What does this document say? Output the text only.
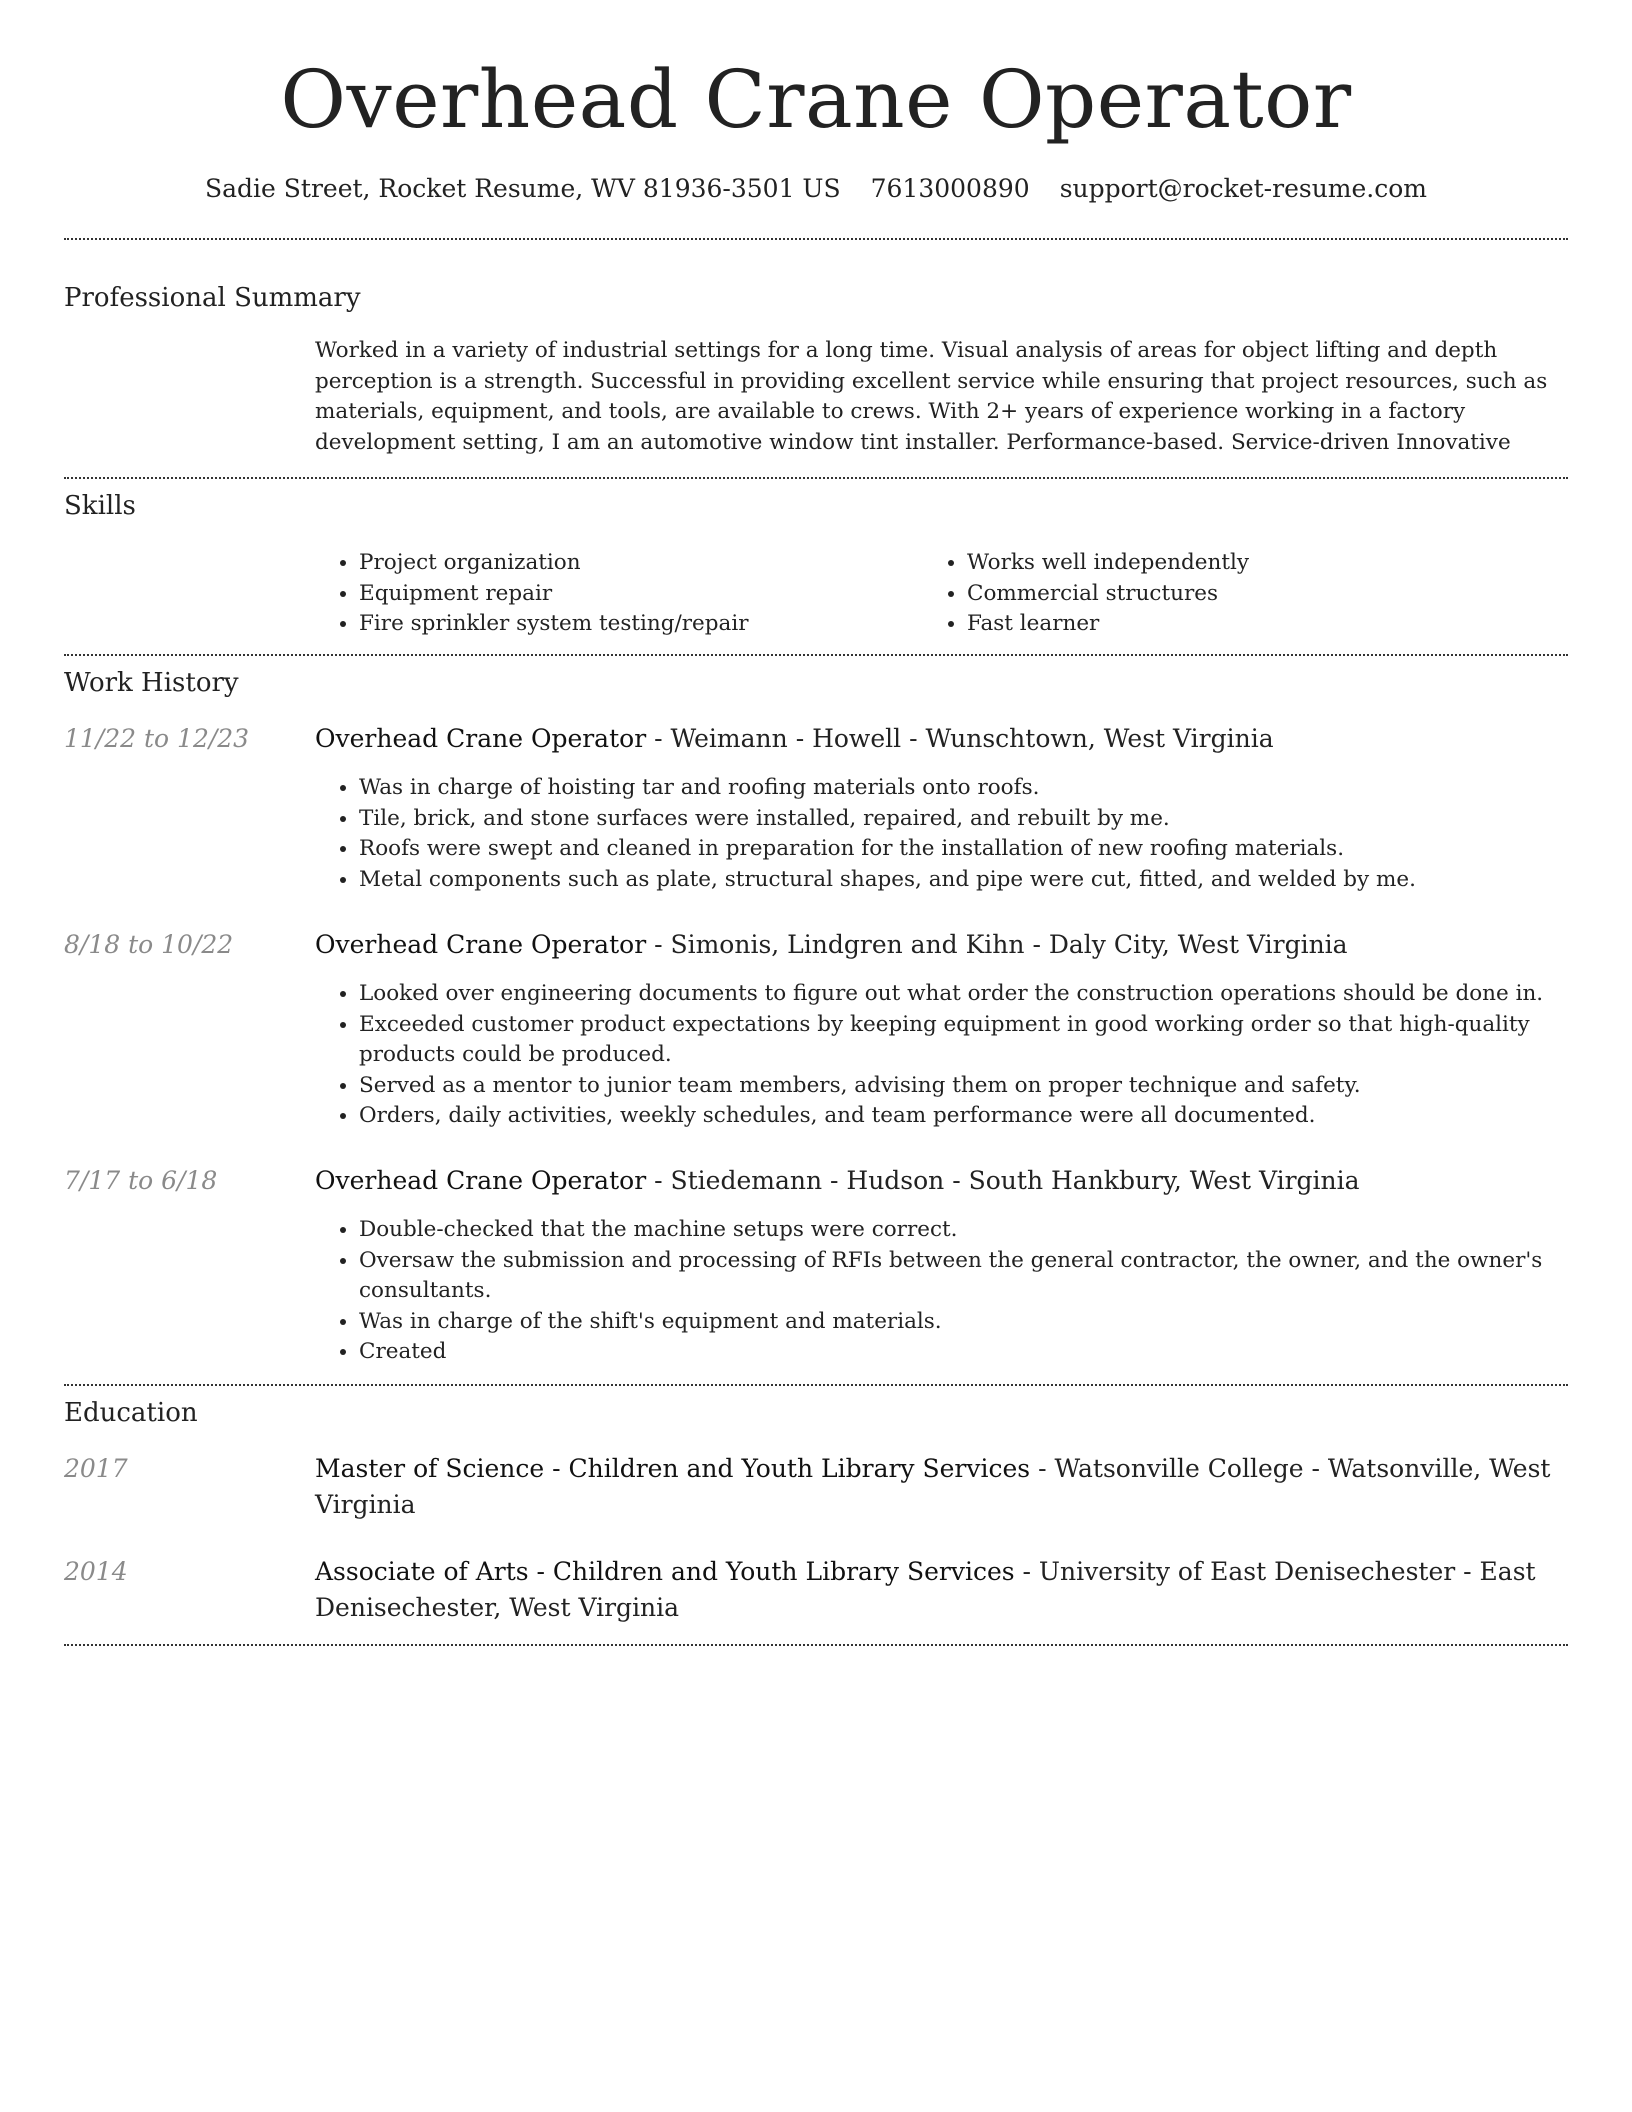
Overhead Crane Operator
Sadie Street, Rocket Resume, WV 81936-3501 US 7613000890 support@rocket-resume.com
Professional Summary
Worked in a variety of industrial settings for a long time. Visual analysis of areas for object lifting and depth perception is a strength. Successful in providing excellent service while ensuring that project resources, such as materials, equipment, and tools, are available to crews. With 2+ years of experience working in a factory development setting, I am an automotive window tint installer. Performance-based. Service-driven Innovative
Skills
• Project organization
• Equipment repair
• Fire sprinkler system testing/repair
• Works well independently
• Commercial structures
• Fast learner
Work History
11/22 to 12/23	Overhead Crane Operator - Weimann - Howell - Wunschtown, West Virginia
• Was in charge of hoisting tar and roofing materials onto roofs.
• Tile, brick, and stone surfaces were installed, repaired, and rebuilt by me.
• Roofs were swept and cleaned in preparation for the installation of new roofing materials.
• Metal components such as plate, structural shapes, and pipe were cut, fitted, and welded by me.
8/18 to 10/22	Overhead Crane Operator - Simonis, Lindgren and Kihn - Daly City, West Virginia
• Looked over engineering documents to figure out what order the construction operations should be done in.
• Exceeded customer product expectations by keeping equipment in good working order so that high-quality products could be produced.
• Served as a mentor to junior team members, advising them on proper technique and safety.
• Orders, daily activities, weekly schedules, and team performance were all documented.
7/17 to 6/18	Overhead Crane Operator - Stiedemann - Hudson - South Hankbury, West Virginia
• Double-checked that the machine setups were correct.
• Oversaw the submission and processing of RFIs between the general contractor, the owner, and the owner's consultants.
• Was in charge of the shift's equipment and materials.
• Created
Education
2017	Master of Science - Children and Youth Library Services - Watsonville College - Watsonville, West Virginia
2014	Associate of Arts - Children and Youth Library Services - University of East Denisechester - East Denisechester, West Virginia
